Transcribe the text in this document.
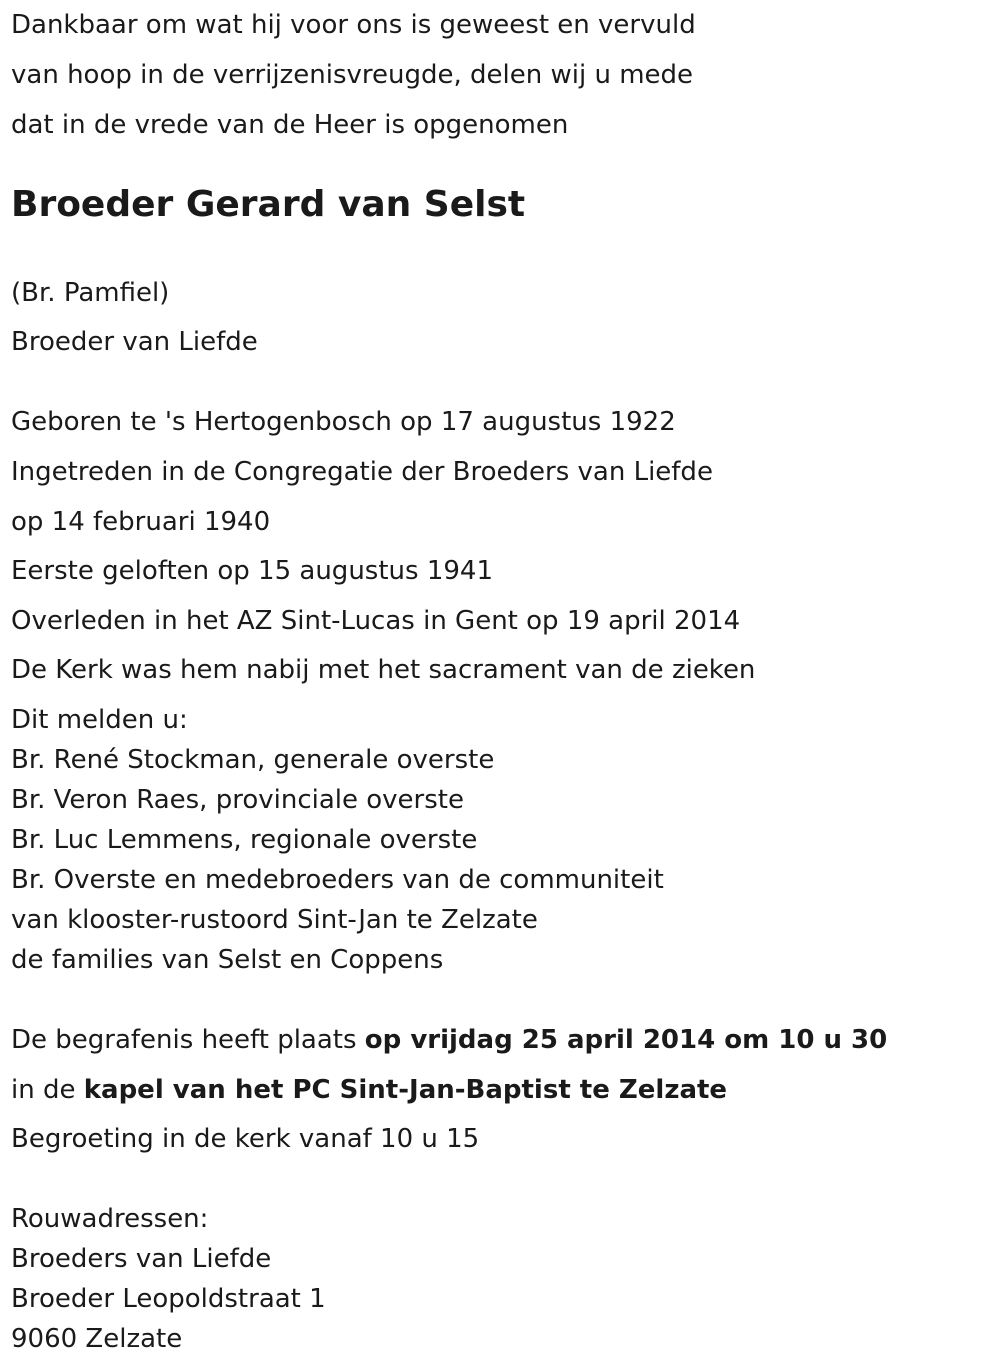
Dankbaar om wat hij voor ons is geweest en vervuld
van hoop in de verrijzenisvreugde, delen wij u mede
dat in de vrede van de Heer is opgenomen
Broeder Gerard van Selst
(Br. Pamfiel)
Broeder van Liefde
Geboren te 's Hertogenbosch op 17 augustus 1922
Ingetreden in de Congregatie der Broeders van Liefde
op 14 februari 1940
Eerste geloften op 15 augustus 1941
Overleden in het AZ Sint-Lucas in Gent op 19 april 2014
De Kerk was hem nabij met het sacrament van de zieken
Dit melden u:
Br. René Stockman, generale overste
Br. Veron Raes, provinciale overste
Br. Luc Lemmens, regionale overste
Br. Overste en medebroeders van de communiteit
van klooster-rustoord Sint-Jan te Zelzate
de families van Selst en Coppens
De begrafenis heeft plaats op vrijdag 25 april 2014 om 10 u 30
in de kapel van het PC Sint-Jan-Baptist te Zelzate
Begroeting in de kerk vanaf 10 u 15
Rouwadressen:
Broeders van Liefde
Broeder Leopoldstraat 1
9060 Zelzate
